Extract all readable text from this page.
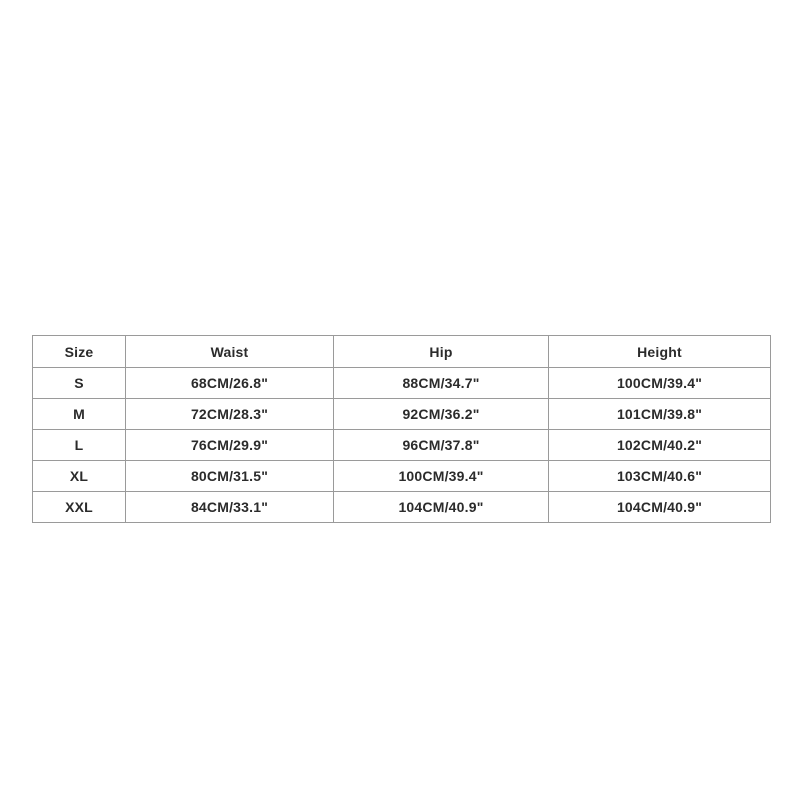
Size	Waist	Hip	Height
S	68CM/26.8"	88CM/34.7"	100CM/39.4"
M	72CM/28.3"	92CM/36.2"	101CM/39.8"
L	76CM/29.9"	96CM/37.8"	102CM/40.2"
XL	80CM/31.5"	100CM/39.4"	103CM/40.6"
XXL	84CM/33.1"	104CM/40.9"	104CM/40.9"
